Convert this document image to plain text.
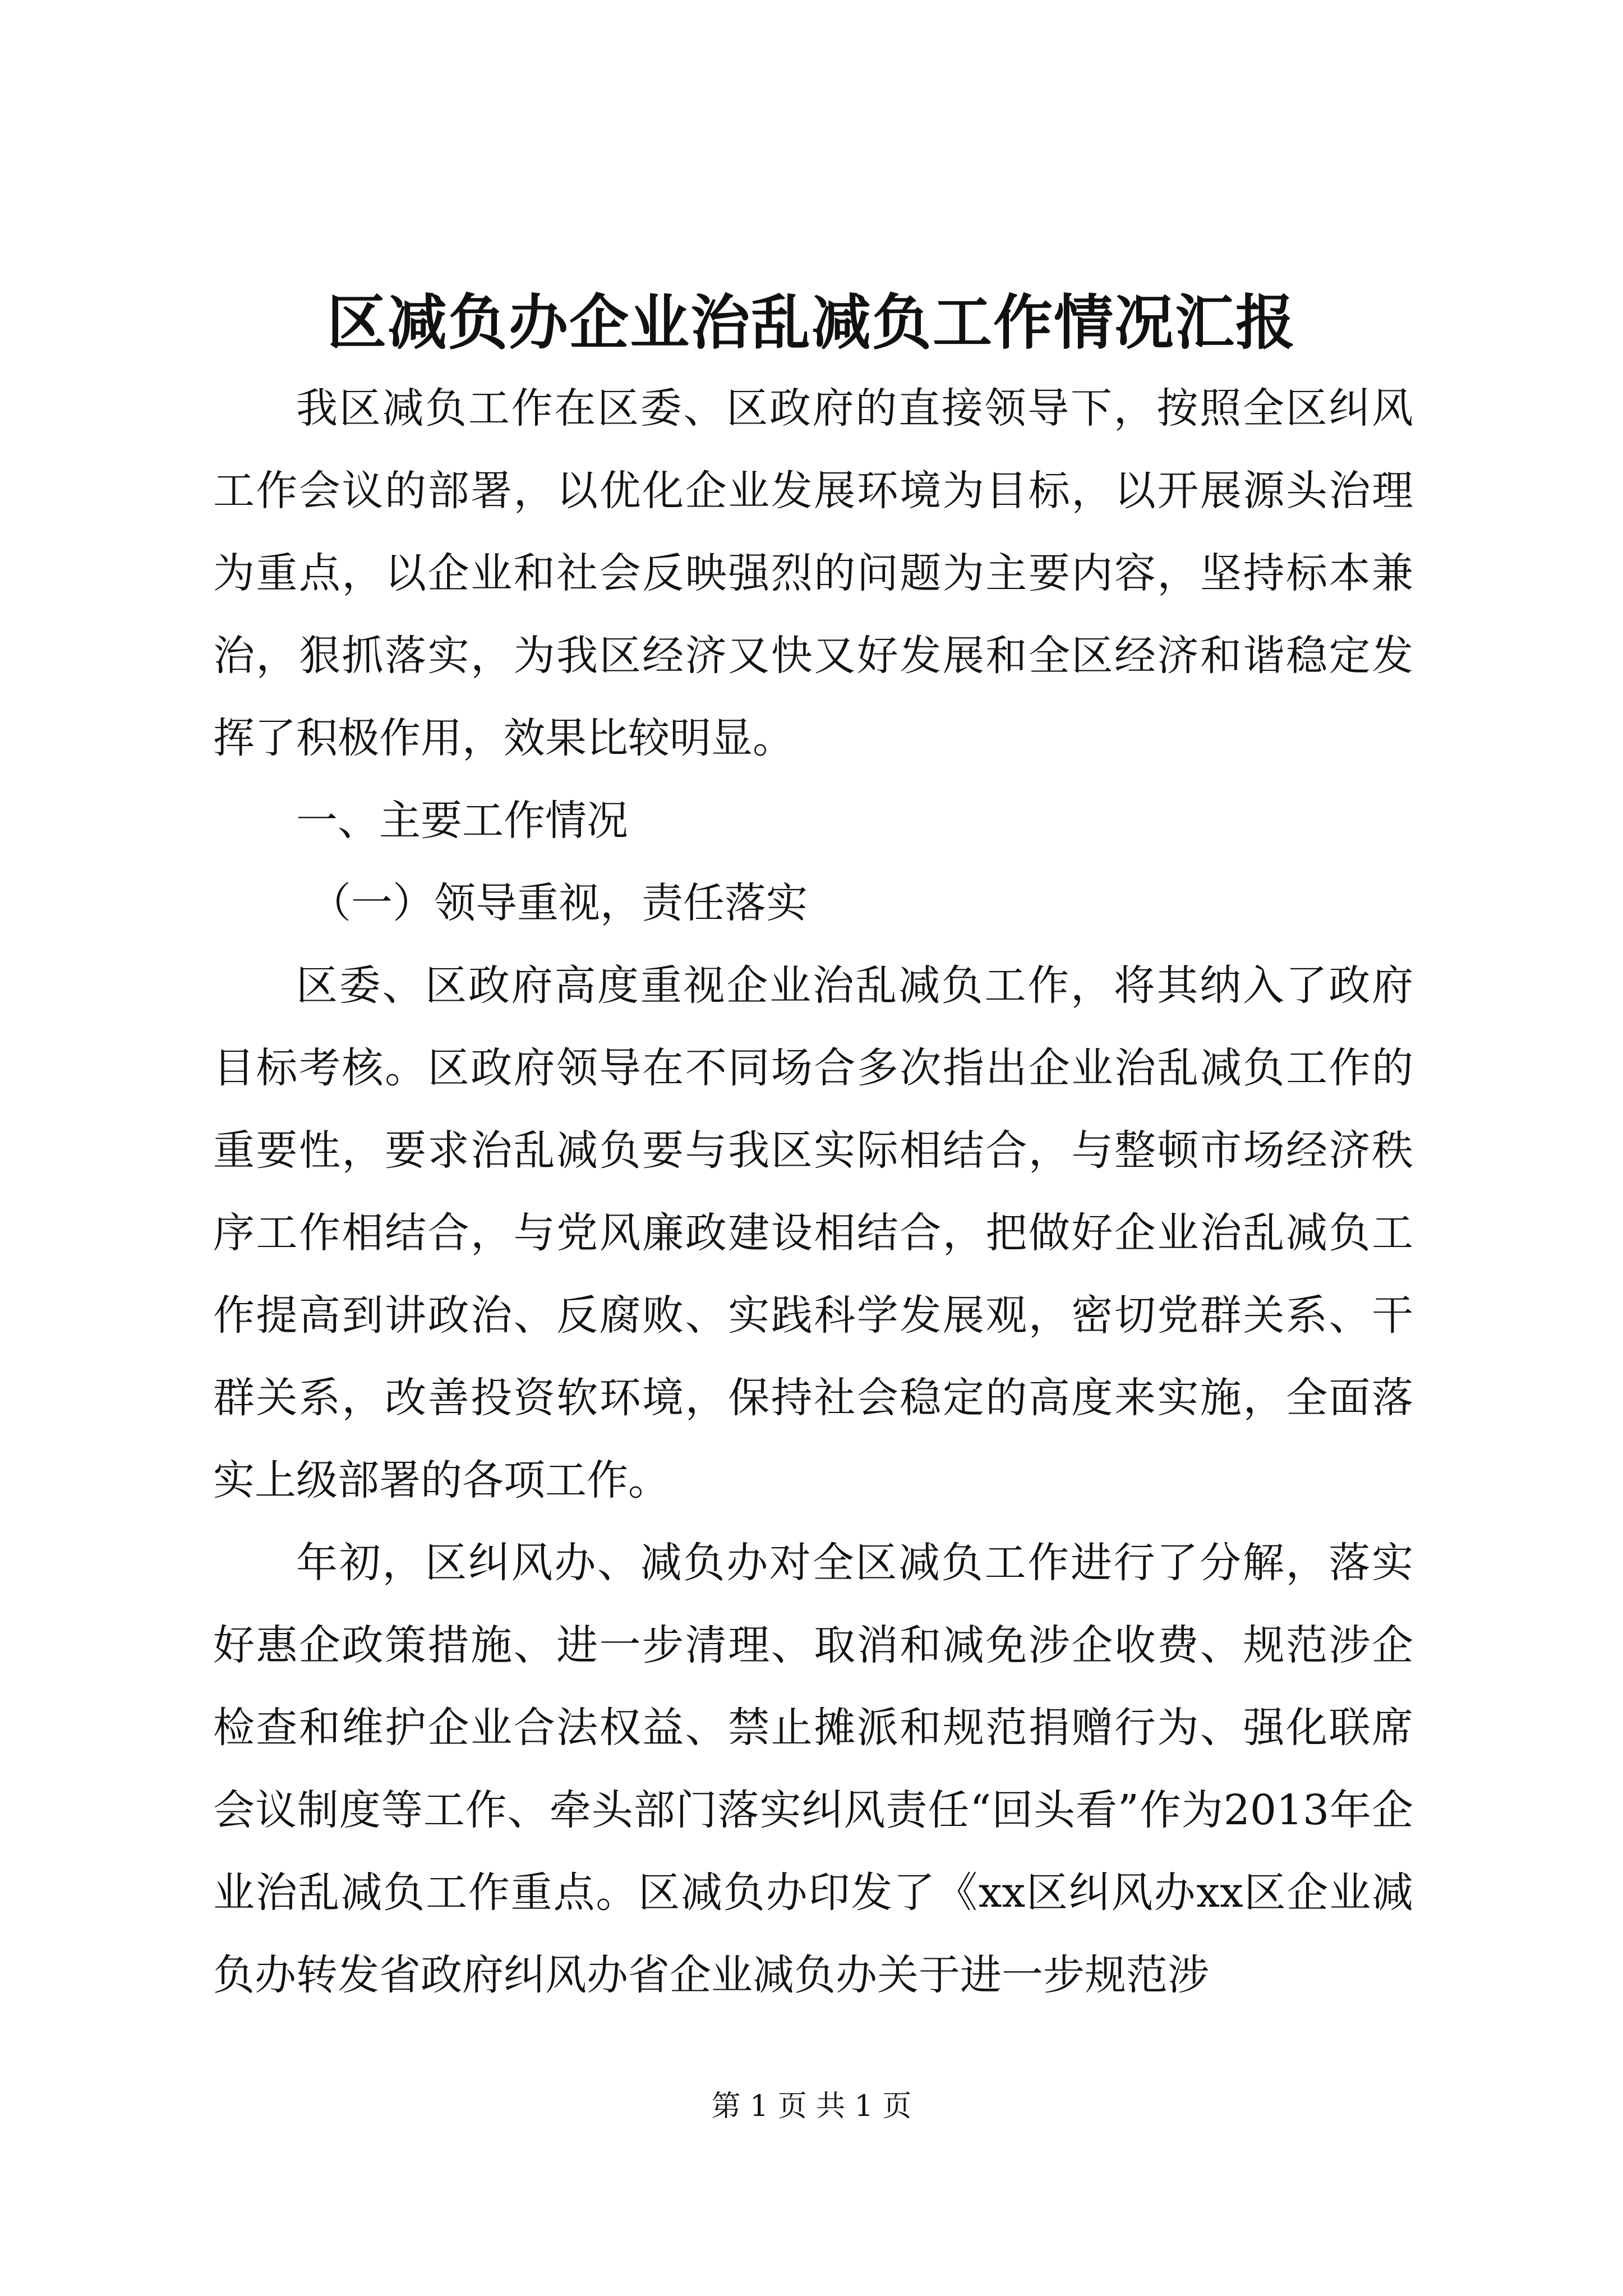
区减负办企业治乱减负工作情况汇报

我区减负工作在区委、区政府的直接领导下，按照全区纠风工作会议的部署，以优化企业发展环境为目标，以开展源头治理为重点，以企业和社会反映强烈的问题为主要内容，坚持标本兼治，狠抓落实，为我区经济又快又好发展和全区经济和谐稳定发挥了积极作用，效果比较明显。

一、主要工作情况

（一）领导重视，责任落实

区委、区政府高度重视企业治乱减负工作，将其纳入了政府目标考核。区政府领导在不同场合多次指出企业治乱减负工作的重要性，要求治乱减负要与我区实际相结合，与整顿市场经济秩序工作相结合，与党风廉政建设相结合，把做好企业治乱减负工作提高到讲政治、反腐败、实践科学发展观，密切党群关系、干群关系，改善投资软环境，保持社会稳定的高度来实施，全面落实上级部署的各项工作。

年初，区纠风办、减负办对全区减负工作进行了分解，落实好惠企政策措施、进一步清理、取消和减免涉企收费、规范涉企检查和维护企业合法权益、禁止摊派和规范捐赠行为、强化联席会议制度等工作、牵头部门落实纠风责任“回头看”作为2013年企业治乱减负工作重点。区减负办印发了《xx区纠风办xx区企业减负办转发省政府纠风办省企业减负办关于进一步规范涉

第 1 页 共 1 页
